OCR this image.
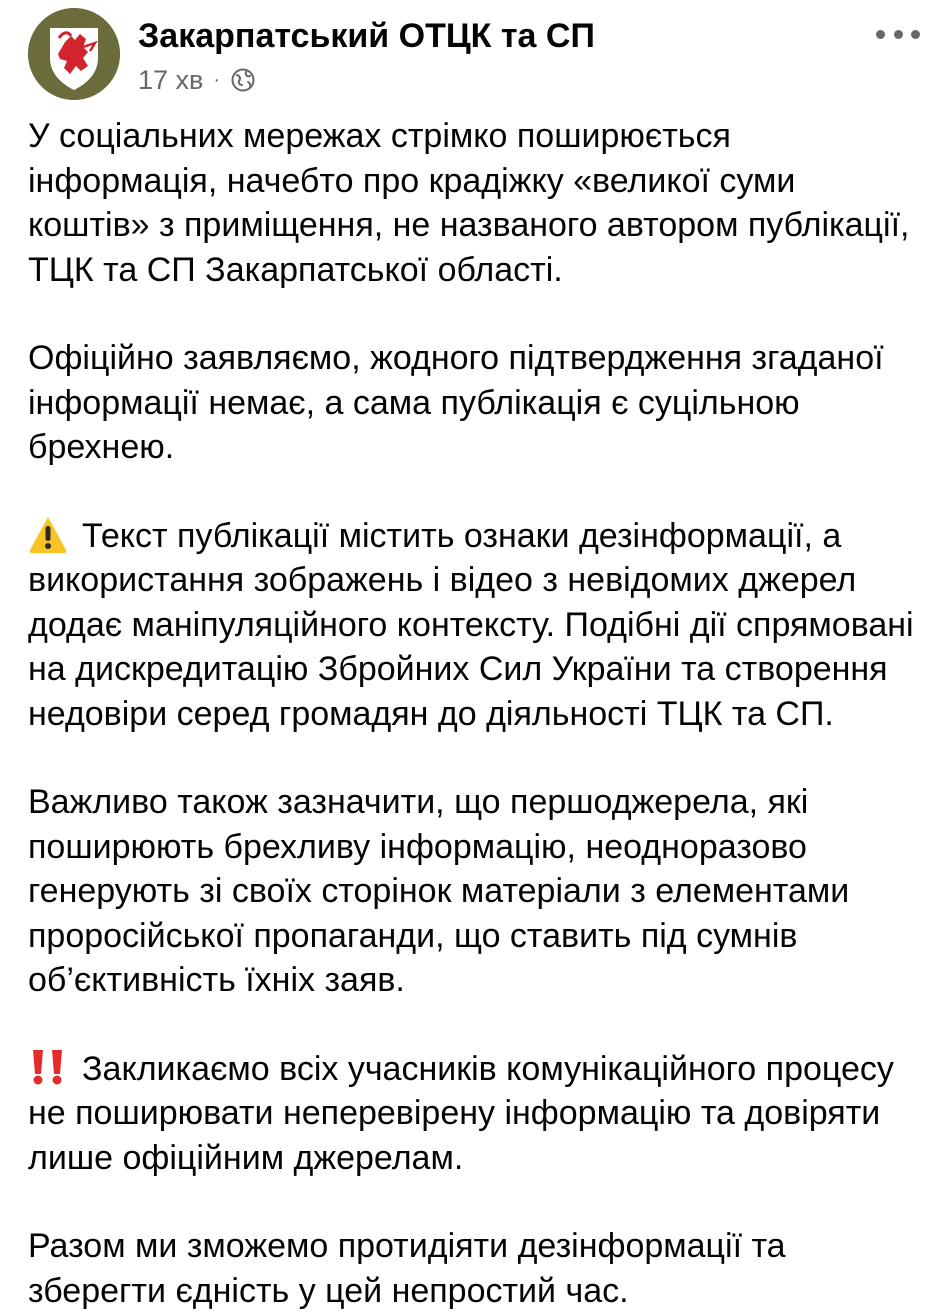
Закарпатський ОТЦК та СП
17 хв ·

У соціальних мережах стрімко поширюється інформація, начебто про крадіжку «великої суми коштів» з приміщення, не названого автором публікації, ТЦК та СП Закарпатської області.

Офіційно заявляємо, жодного підтвердження згаданої інформації немає, а сама публікація є суцільною брехнею.

Текст публікації містить ознаки дезінформації, а використання зображень і відео з невідомих джерел додає маніпуляційного контексту. Подібні дії спрямовані на дискредитацію Збройних Сил України та створення недовіри серед громадян до діяльності ТЦК та СП.

Важливо також зазначити, що першоджерела, які поширюють брехливу інформацію, неодноразово генерують зі своїх сторінок матеріали з елементами проросійської пропаганди, що ставить під сумнів об’єктивність їхніх заяв.

Закликаємо всіх учасників комунікаційного процесу не поширювати неперевірену інформацію та довіряти лише офіційним джерелам.

Разом ми зможемо протидіяти дезінформації та зберегти єдність у цей непростий час.
